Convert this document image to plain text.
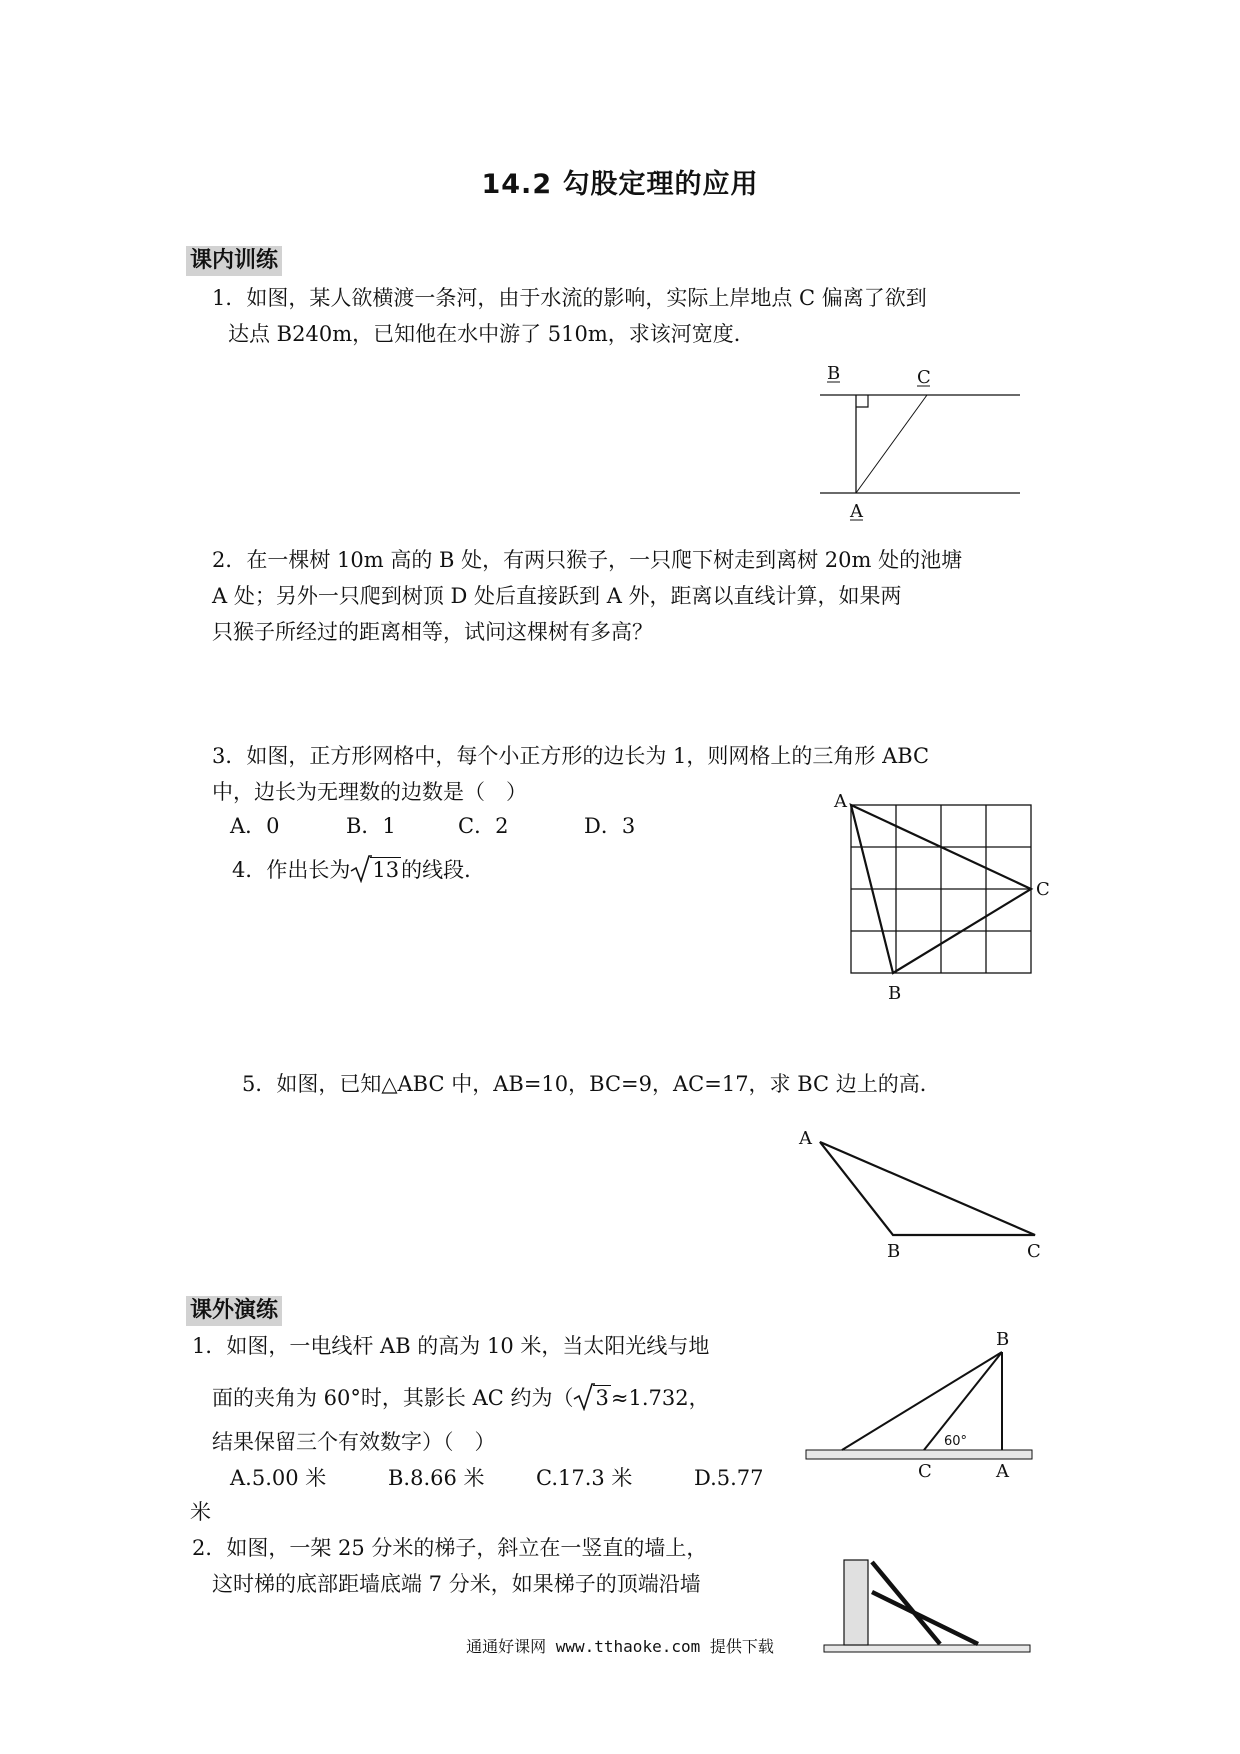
14.2 勾股定理的应用
课内训练
1．如图，某人欲横渡一条河，由于水流的影响，实际上岸地点 C 偏离了欲到
达点 B240m，已知他在水中游了 510m，求该河宽度．
B	C
A
2．在一棵树 10m 高的 B 处，有两只猴子，一只爬下树走到离树 20m 处的池塘
A 处；另外一只爬到树顶 D 处后直接跃到 A 外，距离以直线计算，如果两
只猴子所经过的距离相等，试问这棵树有多高？
3．如图，正方形网格中，每个小正方形的边长为 1，则网格上的三角形 ABC
中，边长为无理数的边数是（　）
A．0	B．1	C．2	D．3
A
C
B
4．作出长为 13的线段．
5．如图，已知△ABC 中，AB=10，BC=9，AC=17，求 BC 边上的高．
A
B	C
课外演练
1．如图，一电线杆 AB 的高为 10 米，当太阳光线与地
面的夹角为 60°时，其影长 AC 约为（ 3≈1.732，
结果保留三个有效数字）（　）
A.5.00 米	B.8.66 米 C.17.3 米	D.5.77
米
60°
B
C	A
2．如图，一架 25 分米的梯子，斜立在一竖直的墙上，
这时梯的底部距墙底端 7 分米，如果梯子的顶端沿墙
通通好课网 www.tthaoke.com 提供下载
